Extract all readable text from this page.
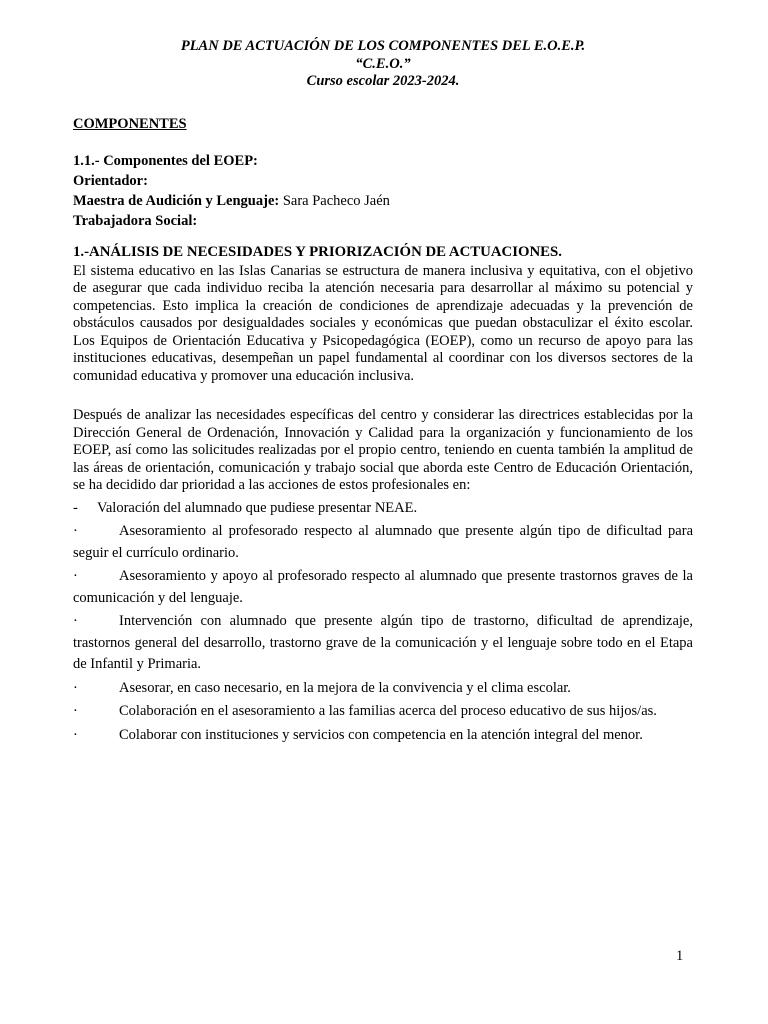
PLAN DE ACTUACIÓN DE LOS COMPONENTES DEL E.O.E.P.

“C.E.O.”

Curso escolar 2023-2024.

COMPONENTES
1.1.- Componentes del EOEP:
Orientador:
Maestra de Audición y Lenguaje: Sara Pacheco Jaén
Trabajadora Social:
1.-ANÁLISIS DE NECESIDADES Y PRIORIZACIÓN DE ACTUACIONES.

El sistema educativo en las Islas Canarias se estructura de manera inclusiva y equitativa, con el objetivo de asegurar que cada individuo reciba la atención necesaria para desarrollar al máximo su potencial y competencias. Esto implica la creación de condiciones de aprendizaje adecuadas y la prevención de obstáculos causados por desigualdades sociales y económicas que puedan obstaculizar el éxito escolar. Los Equipos de Orientación Educativa y Psicopedagógica (EOEP), como un recurso de apoyo para las instituciones educativas, desempeñan un papel fundamental al coordinar con los diversos sectores de la comunidad educativa y promover una educación inclusiva.

Después de analizar las necesidades específicas del centro y considerar las directrices establecidas por la Dirección General de Ordenación, Innovación y Calidad para la organización y funcionamiento de los EOEP, así como las solicitudes realizadas por el propio centro, teniendo en cuenta también la amplitud de las áreas de orientación, comunicación y trabajo social que aborda este Centro de Educación Orientación, se ha decidido dar prioridad a las acciones de estos profesionales en:

- Valoración del alumnado que pudiese presentar NEAE.
·	Asesoramiento al profesorado respecto al alumnado que presente algún tipo de dificultad para seguir el currículo ordinario.
·	Asesoramiento y apoyo al profesorado respecto al alumnado que presente trastornos graves de la comunicación y del lenguaje.
·	Intervención con alumnado que presente algún tipo de trastorno, dificultad de aprendizaje, trastornos general del desarrollo, trastorno grave de la comunicación y el lenguaje sobre todo en el Etapa de Infantil y Primaria.
·	Asesorar, en caso necesario, en la mejora de la convivencia y el clima escolar.
·	Colaboración en el asesoramiento a las familias acerca del proceso educativo de sus hijos/as.
·	Colaborar con instituciones y servicios con competencia en la atención integral del menor.
1
